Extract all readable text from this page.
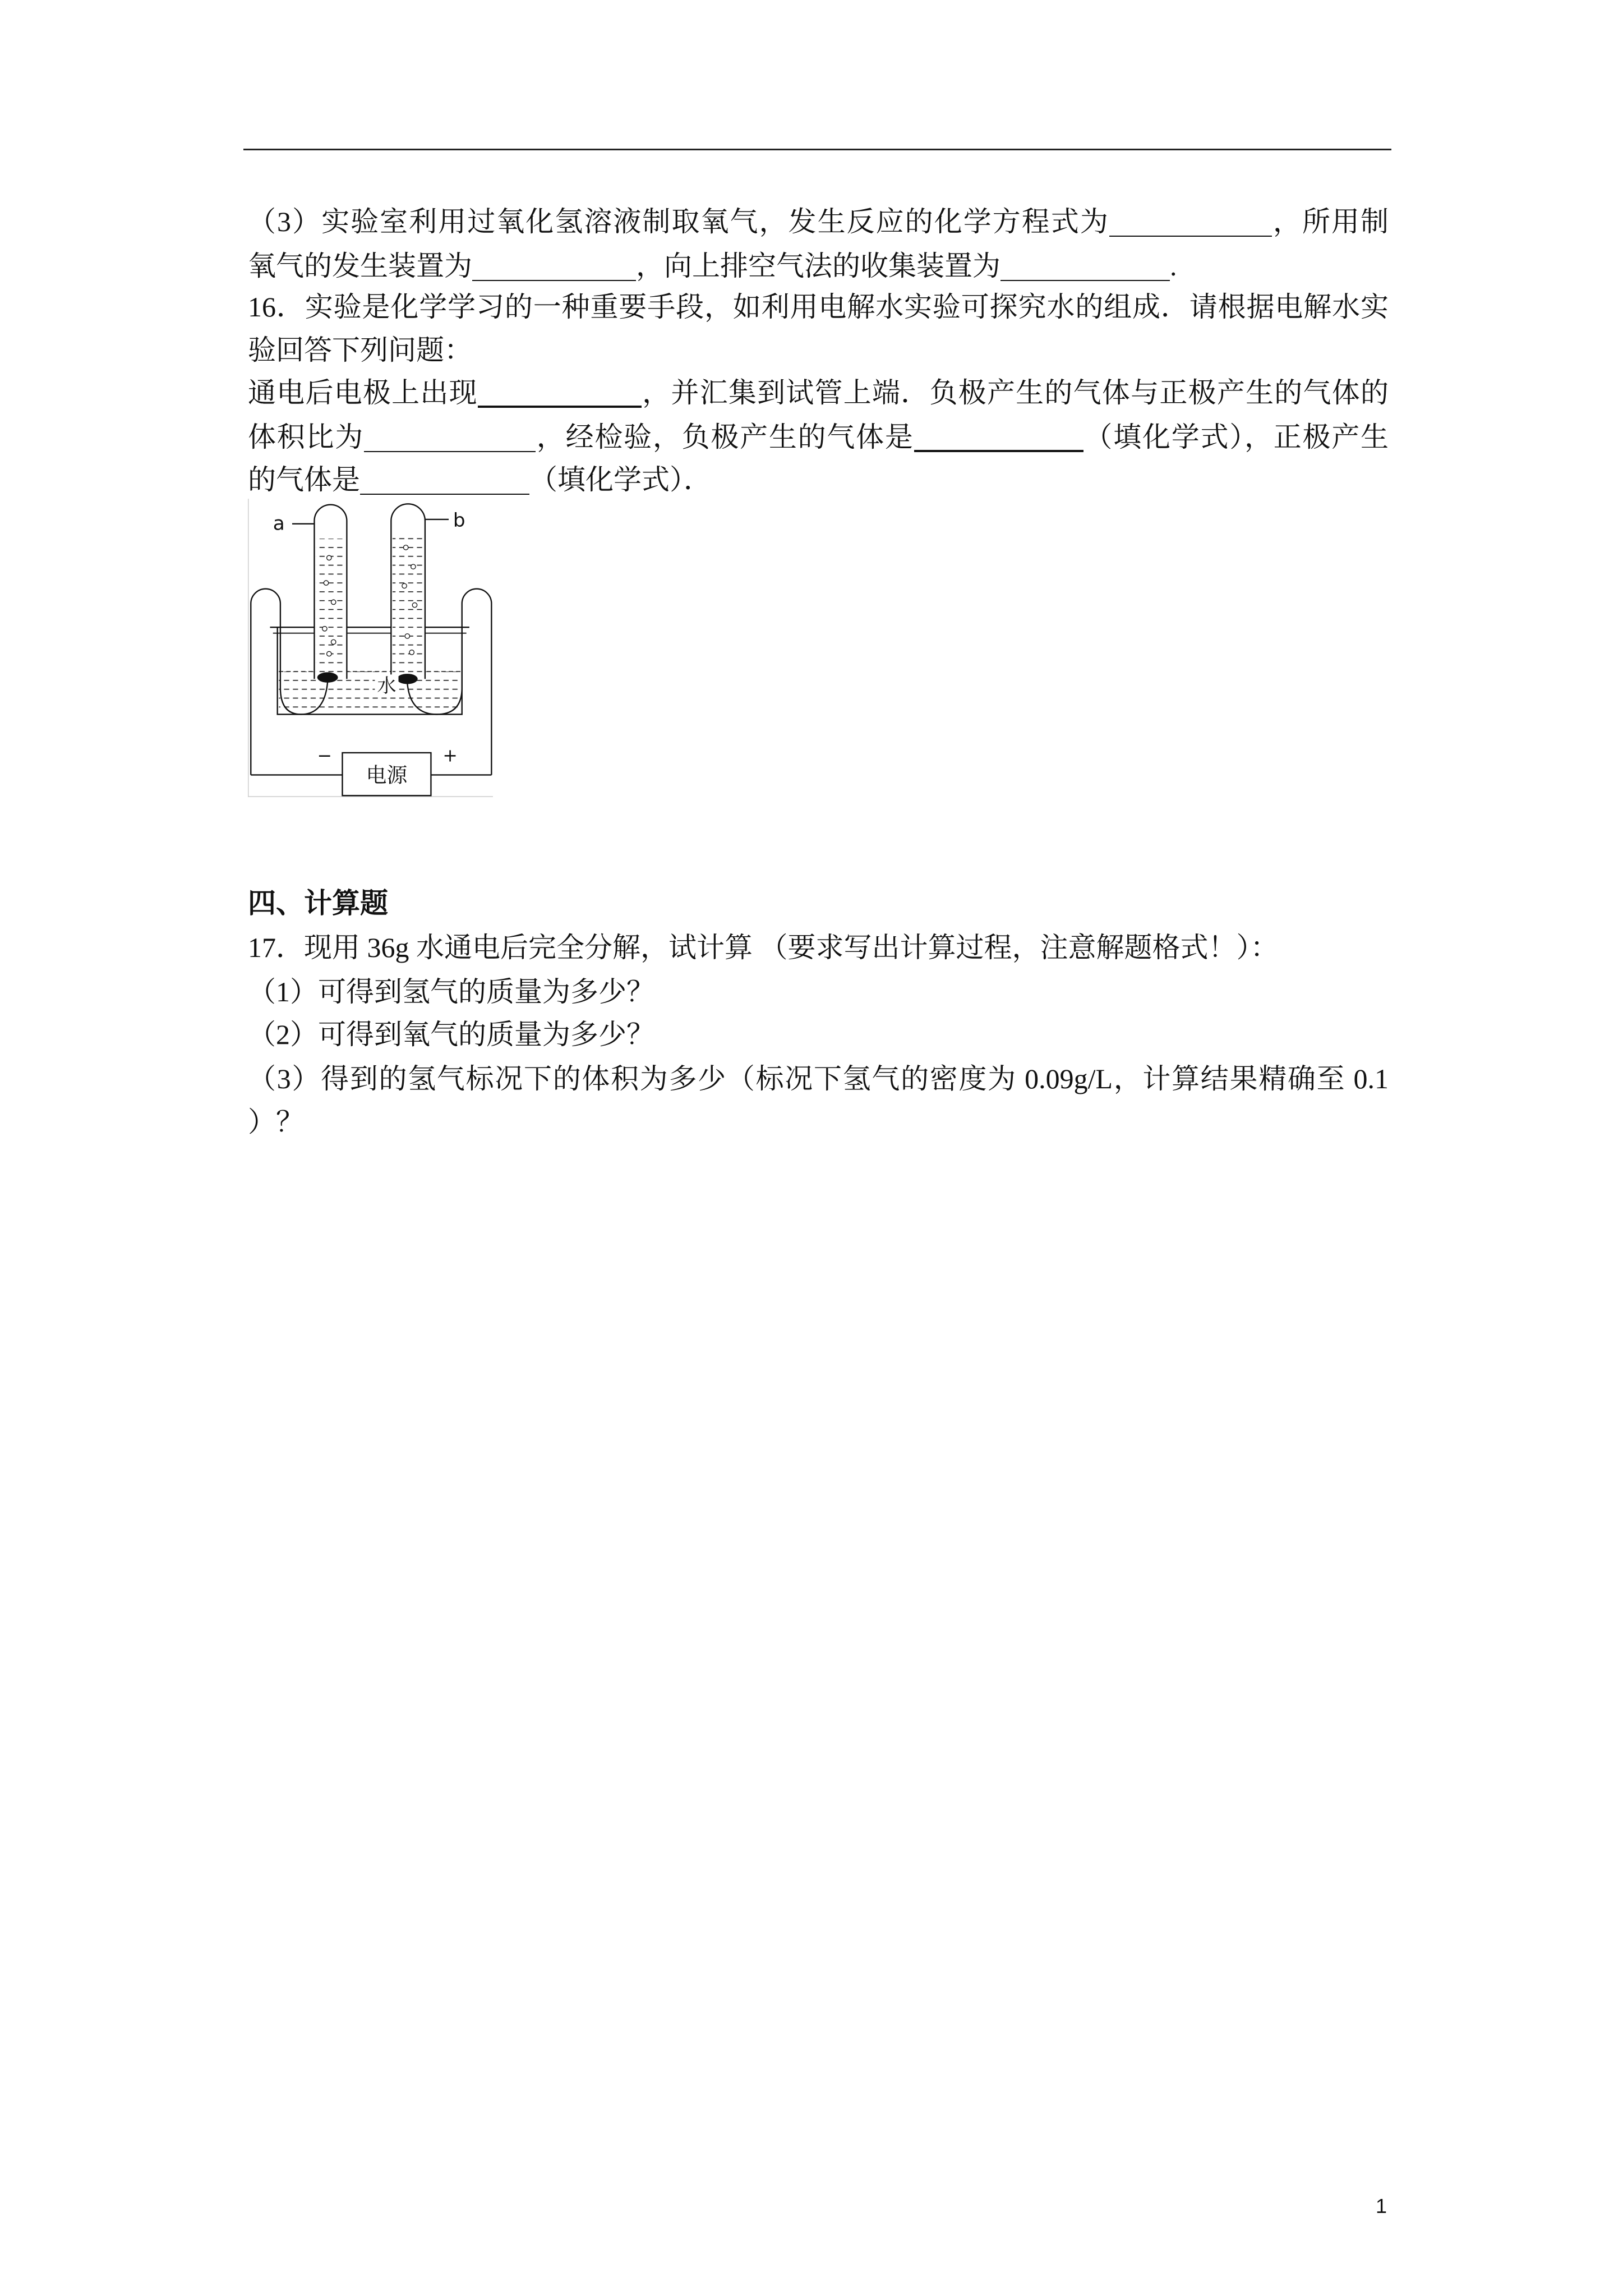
（3）实验室利用过氧化氢溶液制取氧气，发生反应的化学方程式为	，所用制
氧气的发生装置为	，向上排空气法的收集装置为	.
16．实验是化学学习的一种重要手段，如利用电解水实验可探究水的组成．请根据电解水实
验回答下列问题：
通电后电极上出现	，并汇集到试管上端．负极产生的气体与正极产生的气体的
体积比为	，经检验，负极产生的气体是	（填化学式），正极产生
的气体是	（填化学式）．
a	b
水
电源
−	+
四、计算题
17．现用 36g 水通电后完全分解，试计算 （要求写出计算过程，注意解题格式！）：
（1）可得到氢气的质量为多少？
（2）可得到氧气的质量为多少？
（3）得到的氢气标况下的体积为多少（标况下氢气的密度为 0.09g/L，计算结果精确至 0.1
）？
1
